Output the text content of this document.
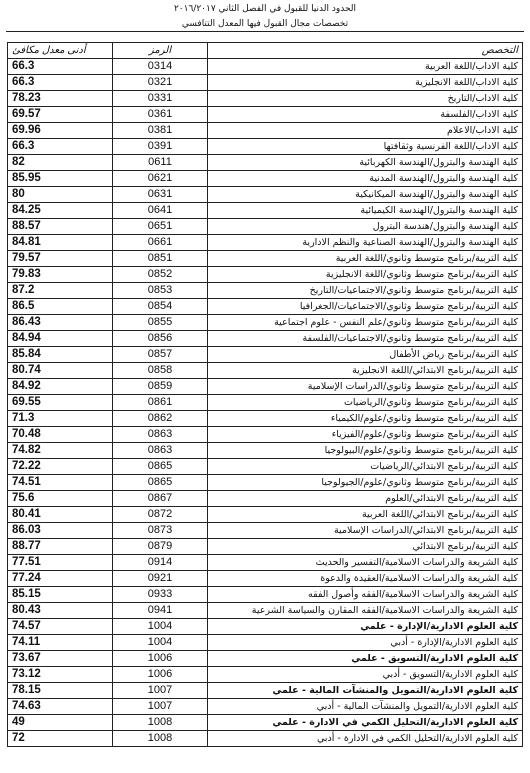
الحدود الدنيا للقبول في الفصل الثاني ٢٠١٦/٢٠١٧
تخصصات مجال القبول فيها المعدل التنافسي
أدنى معدل مكافئ	الرمز	التخصص
66.3	0314	كلية الاداب/اللغة العربية
66.3	0321	كلية الاداب/اللغة الانجليزية
78.23	0331	كلية الاداب/التاريخ
69.57	0361	كلية الاداب/الفلسفة
69.96	0381	كلية الاداب/الاعلام
66.3	0391	كلية الاداب/اللغة الفرنسية وثقافتها
82	0611	كلية الهندسة والبترول/الهندسة الكهربائية
85.95	0621	كلية الهندسة والبترول/الهندسة المدنية
80	0631	كلية الهندسة والبترول/الهندسة الميكانيكية
84.25	0641	كلية الهندسة والبترول/الهندسة الكيميائية
88.57	0651	كلية الهندسة والبترول/هندسة البترول
84.81	0661	كلية الهندسة والبترول/الهندسة الصناعية والنظم الادارية
79.57	0851	كلية التربية/برنامج متوسط وثانوي/اللغة العربية
79.83	0852	كلية التربية/برنامج متوسط وثانوي/اللغة الانجليزية
87.2	0853	كلية التربية/برنامج متوسط وثانوي/الاجتماعيات/التاريخ
86.5	0854	كلية التربية/برنامج متوسط وثانوي/الاجتماعيات/الجغرافيا
86.43	0855	كلية التربية/برنامج متوسط وثانوي/علم النفس - علوم اجتماعية
84.94	0856	كلية التربية/برنامج متوسط وثانوي/الاجتماعيات/الفلسفة
85.84	0857	كلية التربية/برنامج رياض الأطفال
80.74	0858	كلية التربية/برنامج الابتدائي/اللغة الانجليزية
84.92	0859	كلية التربية/برنامج متوسط وثانوي/الدراسات الإسلامية
69.55	0861	كلية التربية/برنامج متوسط وثانوي/الرياضيات
71.3	0862	كلية التربية/برنامج متوسط وثانوي/علوم/الكيمياء
70.48	0863	كلية التربية/برنامج متوسط وثانوي/علوم/الفيزياء
74.82	0863	كلية التربية/برنامج متوسط وثانوي/علوم/البيولوجيا
72.22	0865	كلية التربية/برنامج الابتدائي/الرياضيات
74.51	0865	كلية التربية/برنامج متوسط وثانوي/علوم/الجيولوجيا
75.6	0867	كلية التربية/برنامج الابتدائي/العلوم
80.41	0872	كلية التربية/برنامج الابتدائي/اللغة العربية
86.03	0873	كلية التربية/برنامج الابتدائي/الدراسات الإسلامية
88.77	0879	كلية التربية/برنامج الابتدائي
77.51	0914	كلية الشريعة والدراسات الاسلامية/التفسير والحديث
77.24	0921	كلية الشريعة والدراسات الاسلامية/العقيدة والدعوة
85.15	0933	كلية الشريعة والدراسات الاسلامية/الفقه وأصول الفقه
80.43	0941	كلية الشريعة والدراسات الاسلامية/الفقه المقارن والسياسة الشرعية
74.57	1004	كلية العلوم الادارية/الإدارة - علمي
74.11	1004	كلية العلوم الادارية/الإدارة - أدبي
73.67	1006	كلية العلوم الادارية/التسويق - علمي
73.12	1006	كلية العلوم الادارية/التسويق - أدبي
78.15	1007	كلية العلوم الادارية/التمويل والمنشآت المالية - علمي
74.63	1007	كلية العلوم الادارية/التمويل والمنشآت المالية - أدبي
49	1008	كلية العلوم الادارية/التحليل الكمي في الادارة - علمي
72	1008	كلية العلوم الادارية/التحليل الكمي في الادارة - أدبي
